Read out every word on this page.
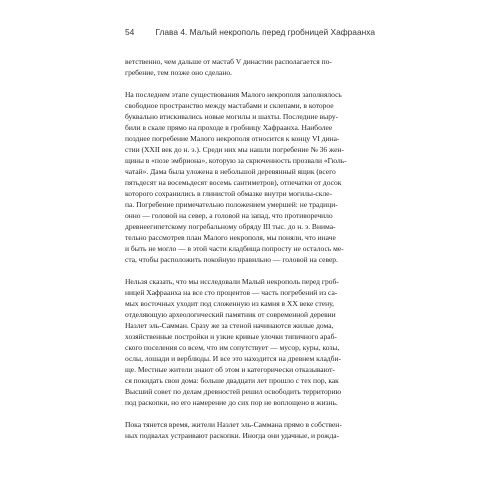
54	Глава 4. Малый некрополь перед гробницей Хафраанха

ветственно, чем дальше от мастаб V династии располагается по-
гребение, тем позже оно сделано.

На последнем этапе существования Малого некрополя заполнялось
свободное пространство между мастабами и склепами, в которое
буквально втискивались новые могилы и шахты. Последние выру-
били в скале прямо на проходе в гробницу Хафраанха. Наиболее
позднее погребение Малого некрополя относится к концу VI дина-
стии (XXII век до н. э.). Среди них мы нашли погребение № 36 жен-
щины в «позе эмбриона», которую за скрюченность прозвали «Гюль-
чатай». Дама была уложена в небольшой деревянный ящик (всего
пятьдесят на восемьдесят восемь сантиметров), отпечатки от досок
которого сохранились в глинистой обмазке внутри могилы-скле-
па. Погребение примечательно положением умершей: не традици-
онно — головой на север, а головой на запад, что противоречило
древнеегипетскому погребальному обряду III тыс. до н. э. Внима-
тельно рассмотрев план Малого некрополя, мы поняли, что иначе
и быть не могло — в этой части кладбища попросту не осталось ме-
ста, чтобы расположить покойную правильно — головой на север.

Нельзя сказать, что мы исследовали Малый некрополь перед гроб-
ницей Хафраанха на все сто процентов — часть погребений из са-
мых восточных уходит под сложенную из камня в XX веке стену,
отделяющую археологический памятник от современной деревни
Назлет эль-Самман. Сразу же за стеной начинаются жилые дома,
хозяйственные постройки и узкие кривые улочки типичного араб-
ского поселения со всем, что им сопутствует — мусор, куры, козы,
ослы, лошади и верблюды. И все это находится на древнем кладби-
ще. Местные жители знают об этом и категорически отказывают-
ся покидать свои дома: больше двадцати лет прошло с тех пор, как
Высший совет по делам древностей решил освободить территорию
под раскопки, но его намерение до сих пор не воплощено в жизнь.

Пока тянется время, жители Назлет эль-Саммана прямо в собствен-
ных подвалах устраивают раскопки. Иногда они удачные, и рожда-
